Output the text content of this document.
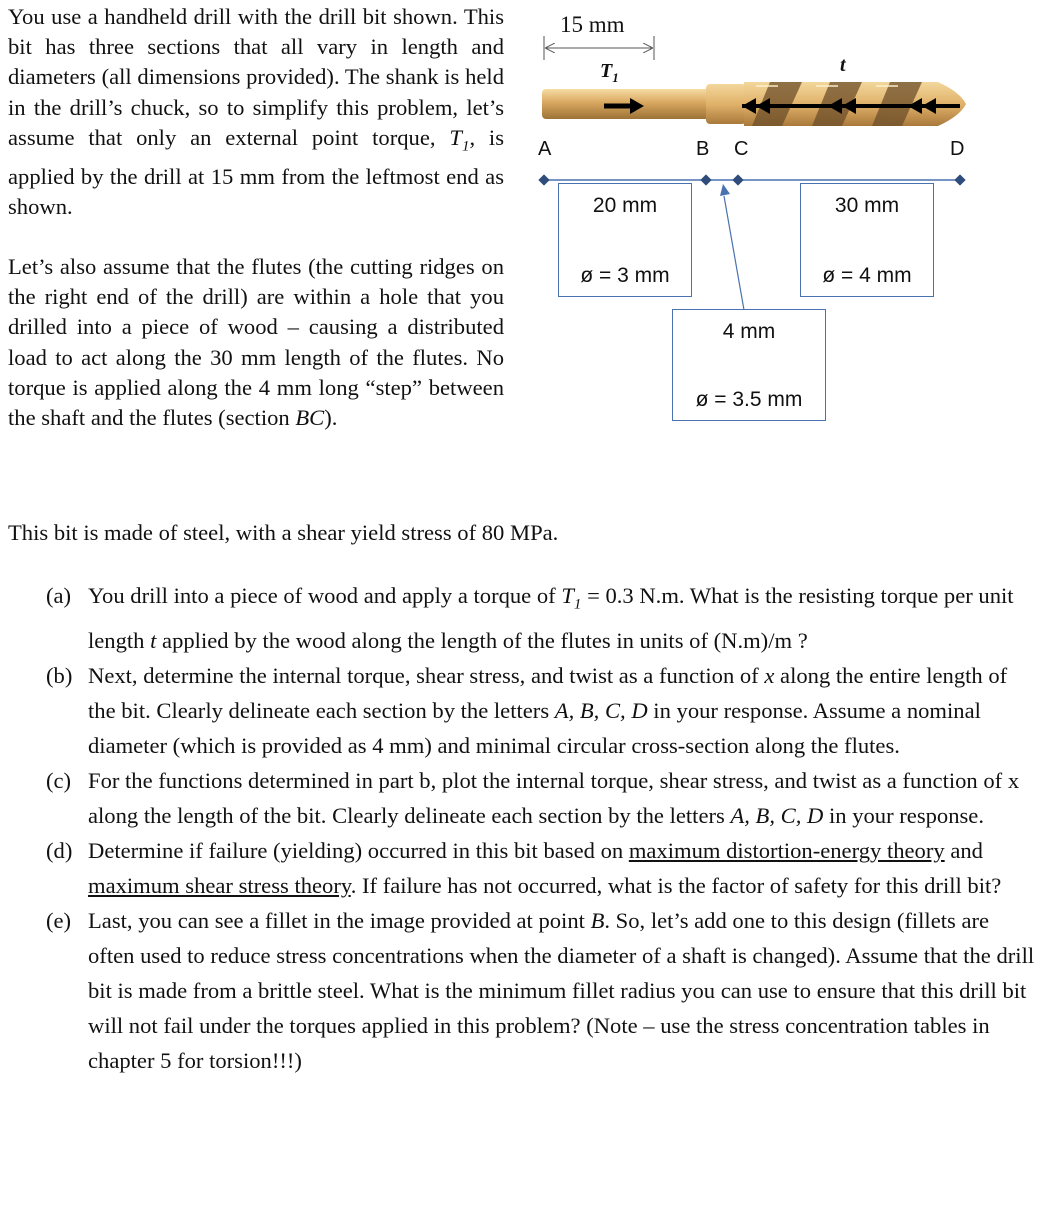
You use a handheld drill with the drill bit shown. This bit has three sections that all vary in length and diameters (all dimensions provided). The shank is held in the drill’s chuck, so to simplify this problem, let’s assume that only an external point torque, $T_1$, is applied by the drill at 15 mm from the leftmost end as shown.

Let’s also assume that the flutes (the cutting ridges on the right end of the drill) are within a hole that you drilled into a piece of wood – causing a distributed load to act along the 30 mm length of the flutes. No torque is applied along the 4 mm long “step” between the shaft and the flutes (section BC).

15 mm
$T_1$
t
A	B C	D
20 mm
ø = 3 mm
4 mm
ø = 3.5 mm
30 mm
ø = 4 mm

This bit is made of steel, with a shear yield stress of 80 MPa.

(a) You drill into a piece of wood and apply a torque of $T_1 = 0.3$ N.m. What is the resisting torque per unit length t applied by the wood along the length of the flutes in units of (N.m)/m ?
(b) Next, determine the internal torque, shear stress, and twist as a function of x along the entire length of the bit. Clearly delineate each section by the letters A, B, C, D in your response. Assume a nominal diameter (which is provided as 4 mm) and minimal circular cross-section along the flutes.
(c) For the functions determined in part b, plot the internal torque, shear stress, and twist as a function of x along the length of the bit. Clearly delineate each section by the letters A, B, C, D in your response.
(d) Determine if failure (yielding) occurred in this bit based on maximum distortion-energy theory and maximum shear stress theory. If failure has not occurred, what is the factor of safety for this drill bit?
(e) Last, you can see a fillet in the image provided at point B. So, let’s add one to this design (fillets are often used to reduce stress concentrations when the diameter of a shaft is changed). Assume that the drill bit is made from a brittle steel. What is the minimum fillet radius you can use to ensure that this drill bit will not fail under the torques applied in this problem? (Note – use the stress concentration tables in chapter 5 for torsion!!!)
